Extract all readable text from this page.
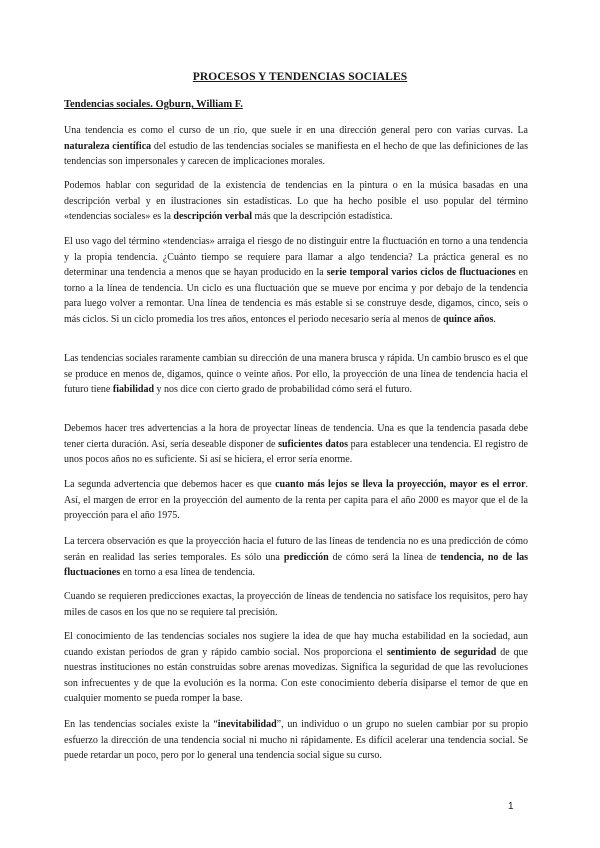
PROCESOS Y TENDENCIAS SOCIALES
Tendencias sociales. Ogburn, William F.

Una tendencia es como el curso de un río, que suele ir en una dirección general pero con varias curvas. La naturaleza científica del estudio de las tendencias sociales se manifiesta en el hecho de que las definiciones de las tendencias son impersonales y carecen de implicaciones morales.

Podemos hablar con seguridad de la existencia de tendencias en la pintura o en la música basadas en una descripción verbal y en ilustraciones sin estadísticas. Lo que ha hecho posible el uso popular del término «tendencias sociales» es la descripción verbal más que la descripción estadística.

El uso vago del término «tendencias» arraiga el riesgo de no distinguir entre la fluctuación en torno a una tendencia y la propia tendencia. ¿Cuánto tiempo se requiere para llamar a algo tendencia? La práctica general es no determinar una tendencia a menos que se hayan producido en la serie temporal varios ciclos de fluctuaciones en torno a la línea de tendencia. Un ciclo es una fluctuación que se mueve por encima y por debajo de la tendencia para luego volver a remontar. Una línea de tendencia es más estable si se construye desde, digamos, cinco, seis o más ciclos. Si un ciclo promedia los tres años, entonces el periodo necesario sería al menos de quince años.

Las tendencias sociales raramente cambian su dirección de una manera brusca y rápida. Un cambio brusco es el que se produce en menos de, digamos, quince o veinte años. Por ello, la proyección de una línea de tendencia hacia el futuro tiene fiabilidad y nos dice con cierto grado de probabilidad cómo será el futuro.

Debemos hacer tres advertencias a la hora de proyectar líneas de tendencia. Una es que la tendencia pasada debe tener cierta duración. Así, sería deseable disponer de suficientes datos para establecer una tendencia. El registro de unos pocos años no es suficiente. Si así se hiciera, el error sería enorme.

La segunda advertencia que debemos hacer es que cuanto más lejos se lleva la proyección, mayor es el error. Así, el margen de error en la proyección del aumento de la renta per capita para el año 2000 es mayor que el de la proyección para el año 1975.

La tercera observación es que la proyección hacia el futuro de las líneas de tendencia no es una predicción de cómo serán en realidad las series temporales. Es sólo una predicción de cómo será la línea de tendencia, no de las fluctuaciones en torno a esa línea de tendencia.

Cuando se requieren predicciones exactas, la proyección de líneas de tendencia no satisface los requisitos, pero hay miles de casos en los que no se requiere tal precisión.

El conocimiento de las tendencias sociales nos sugiere la idea de que hay mucha estabilidad en la sociedad, aun cuando existan periodos de gran y rápido cambio social. Nos proporciona el sentimiento de seguridad de que nuestras instituciones no están construidas sobre arenas movedizas. Significa la seguridad de que las revoluciones son infrecuentes y de que la evolución es la norma. Con este conocimiento debería disiparse el temor de que en cualquier momento se pueda romper la base.

En las tendencias sociales existe la “inevitabilidad”, un individuo o un grupo no suelen cambiar por su propio esfuerzo la dirección de una tendencia social ni mucho ni rápidamente. Es difícil acelerar una tendencia social. Se puede retardar un poco, pero por lo general una tendencia social sigue su curso.

1
